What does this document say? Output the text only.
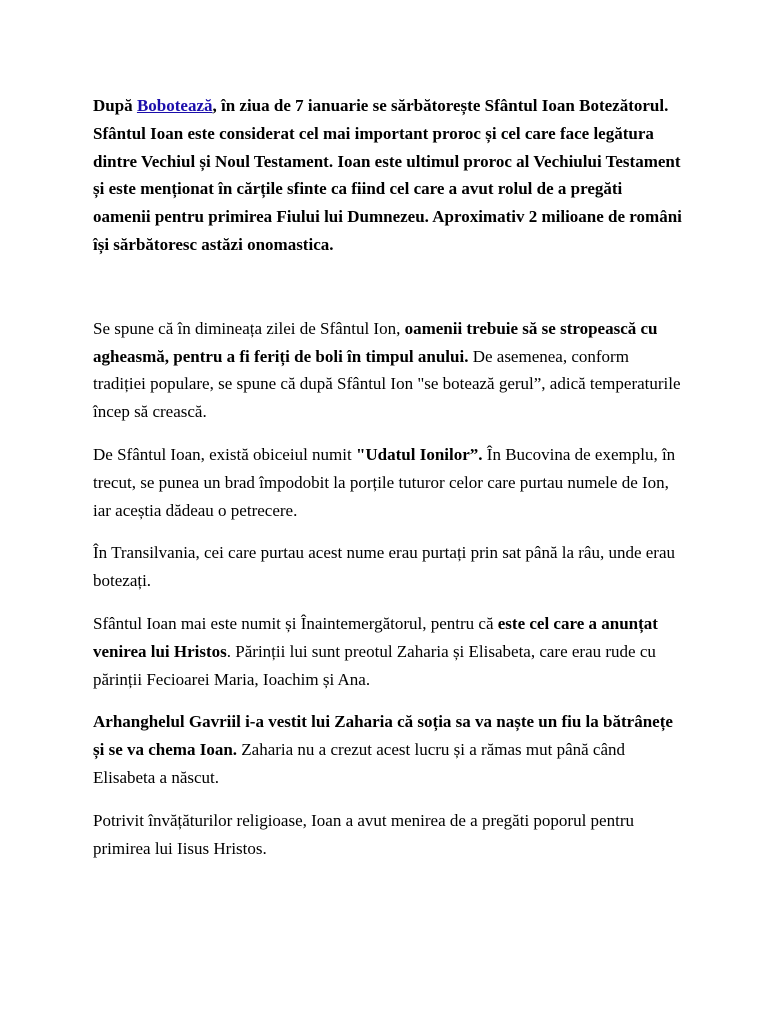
După Bobotează, în ziua de 7 ianuarie se sărbătorește Sfântul Ioan Botezătorul. Sfântul Ioan este considerat cel mai important proroc și cel care face legătura dintre Vechiul și Noul Testament. Ioan este ultimul proroc al Vechiului Testament și este menționat în cărțile sfinte ca fiind cel care a avut rolul de a pregăti oamenii pentru primirea Fiului lui Dumnezeu. Aproximativ 2 milioane de români își sărbătoresc astăzi onomastica.

Se spune că în dimineața zilei de Sfântul Ion, oamenii trebuie să se stropească cu agheasmă, pentru a fi feriți de boli în timpul anului. De asemenea, conform tradiției populare, se spune că după Sfântul Ion "se botează gerul”, adică temperaturile încep să crească.

De Sfântul Ioan, există obiceiul numit "Udatul Ionilor”. În Bucovina de exemplu, în trecut, se punea un brad împodobit la porțile tuturor celor care purtau numele de Ion, iar aceștia dădeau o petrecere.

În Transilvania, cei care purtau acest nume erau purtați prin sat până la râu, unde erau botezați.

Sfântul Ioan mai este numit și Înaintemergătorul, pentru că este cel care a anunțat venirea lui Hristos. Părinții lui sunt preotul Zaharia și Elisabeta, care erau rude cu părinții Fecioarei Maria, Ioachim și Ana.

Arhanghelul Gavriil i-a vestit lui Zaharia că soția sa va naște un fiu la bătrânețe și se va chema Ioan. Zaharia nu a crezut acest lucru și a rămas mut până când Elisabeta a născut.

Potrivit învățăturilor religioase, Ioan a avut menirea de a pregăti poporul pentru primirea lui Iisus Hristos.
